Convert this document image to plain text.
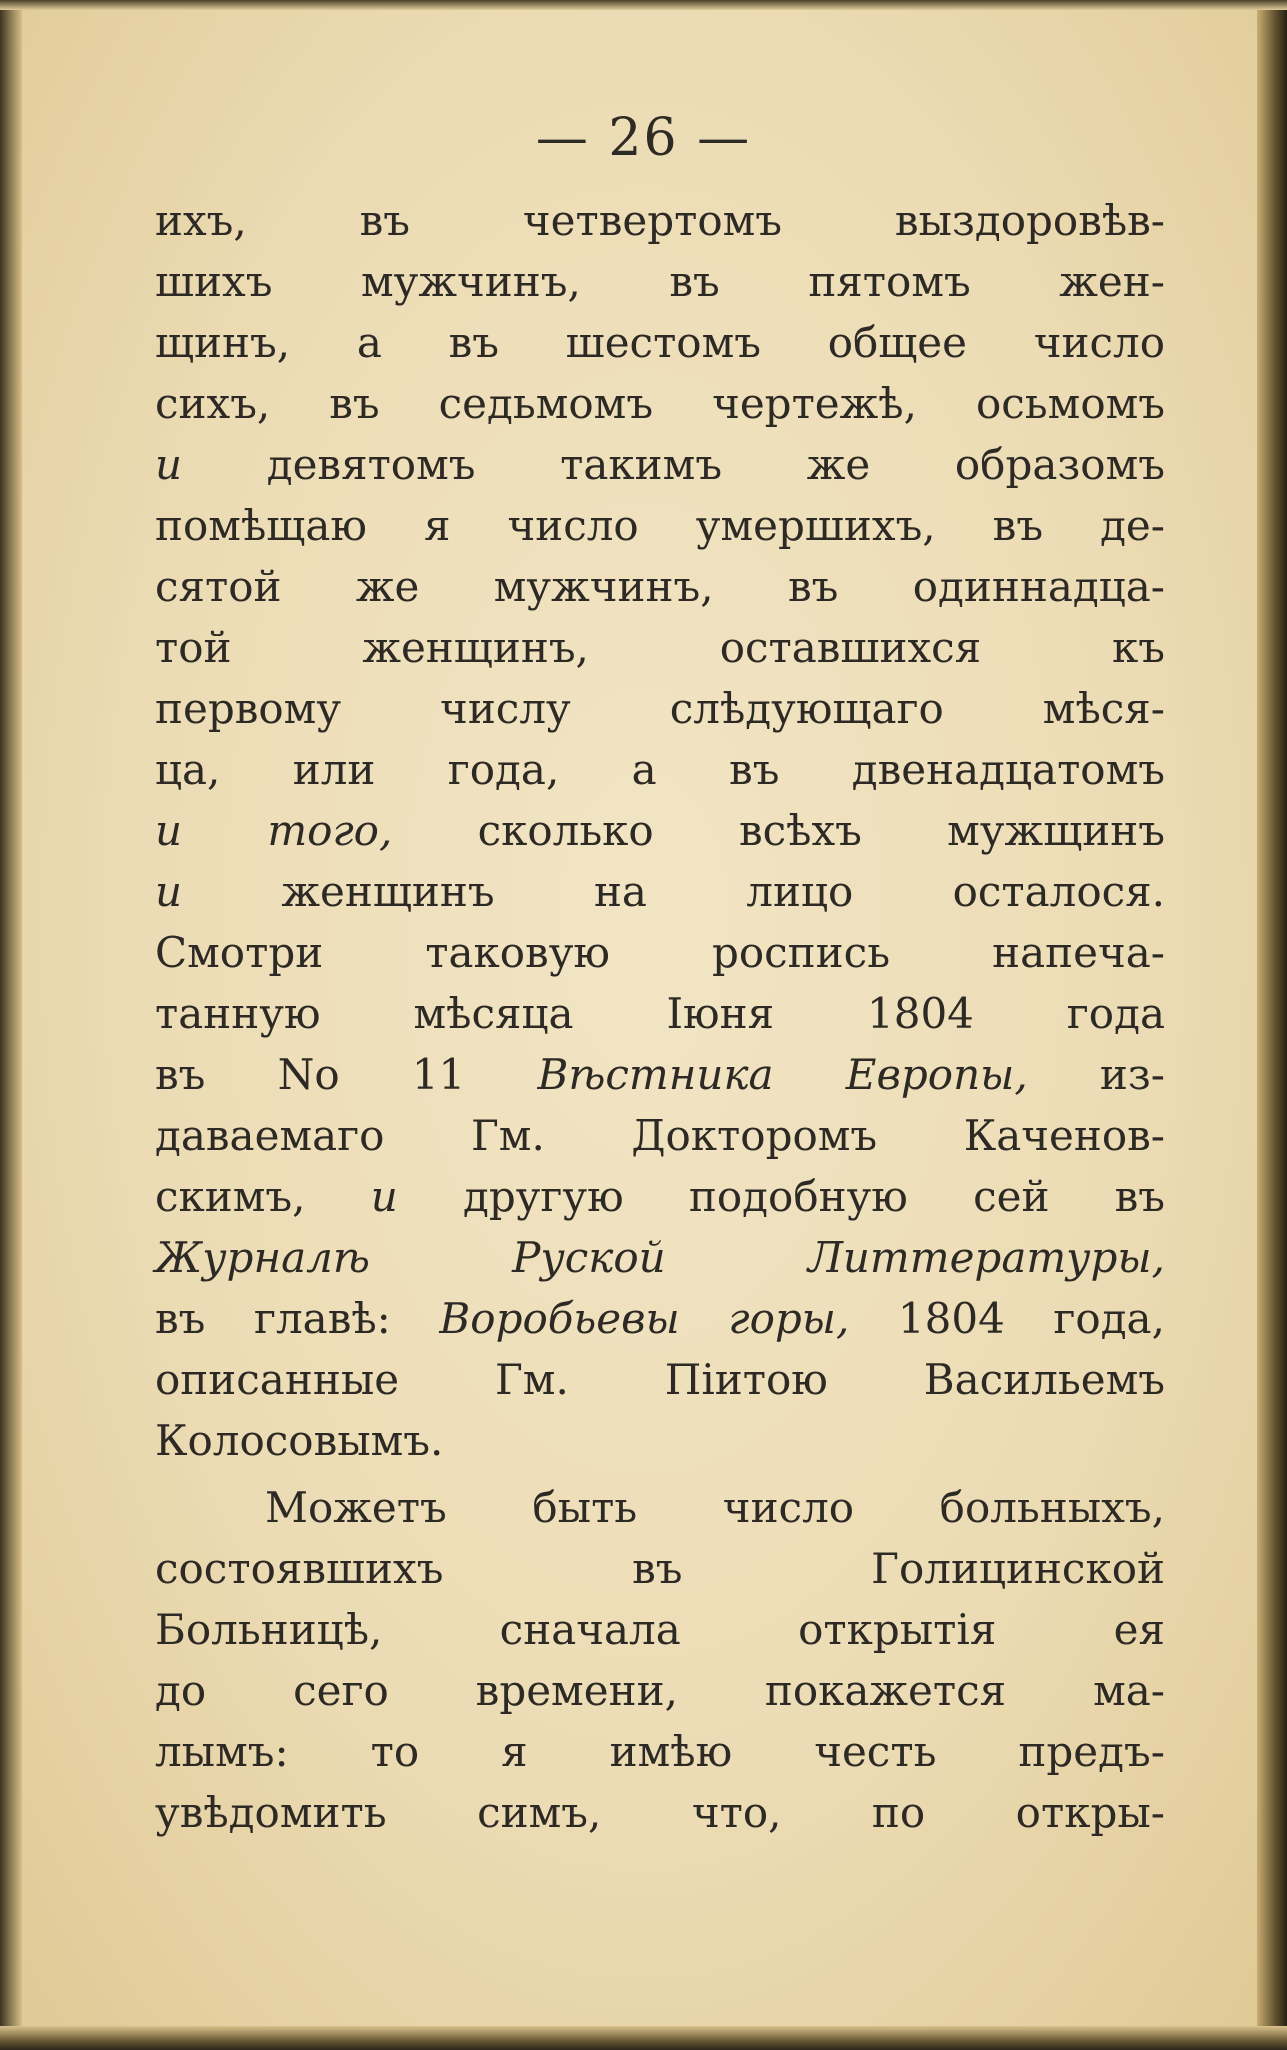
— 26 —
ихъ,	въ	четвертомъ	выздоровѣв-
шихъ мужчинъ, въ пятомъ жен-
щинъ, а въ шестомъ общее число
сихъ, въ седьмомъ чертежѣ, осьмомъ
и девятомъ такимъ же образомъ
помѣщаю я число умершихъ, въ де-
сятой же мужчинъ, въ одиннадца-
той	женщинъ,	оставшихся	къ
первому числу слѣдующаго мѣся-
ца, или года, а въ двенадцатомъ
и того, сколько всѣхъ мужщинъ
и женщинъ на лицо осталося.
Смотри таковую роспись напеча-
танную мѣсяца Iюня 1804 года
въ No 11 Вѣстника Европы, из-
даваемаго Гм. Докторомъ Каченов-
скимъ, и другую подобную сей въ
Журналѣ	Руской	Литтературы,
въ главѣ: Воробьевы горы, 1804 года,
описанные Гм. Пiитою Васильемъ
Колосовымъ.
Можетъ быть число больныхъ,
состоявшихъ	въ	Голицинской
Больницѣ,	сначала	открытiя	ея
до сего времени, покажется ма-
лымъ: то я имѣю честь предъ-
увѣдомить симъ, что, по откры-
